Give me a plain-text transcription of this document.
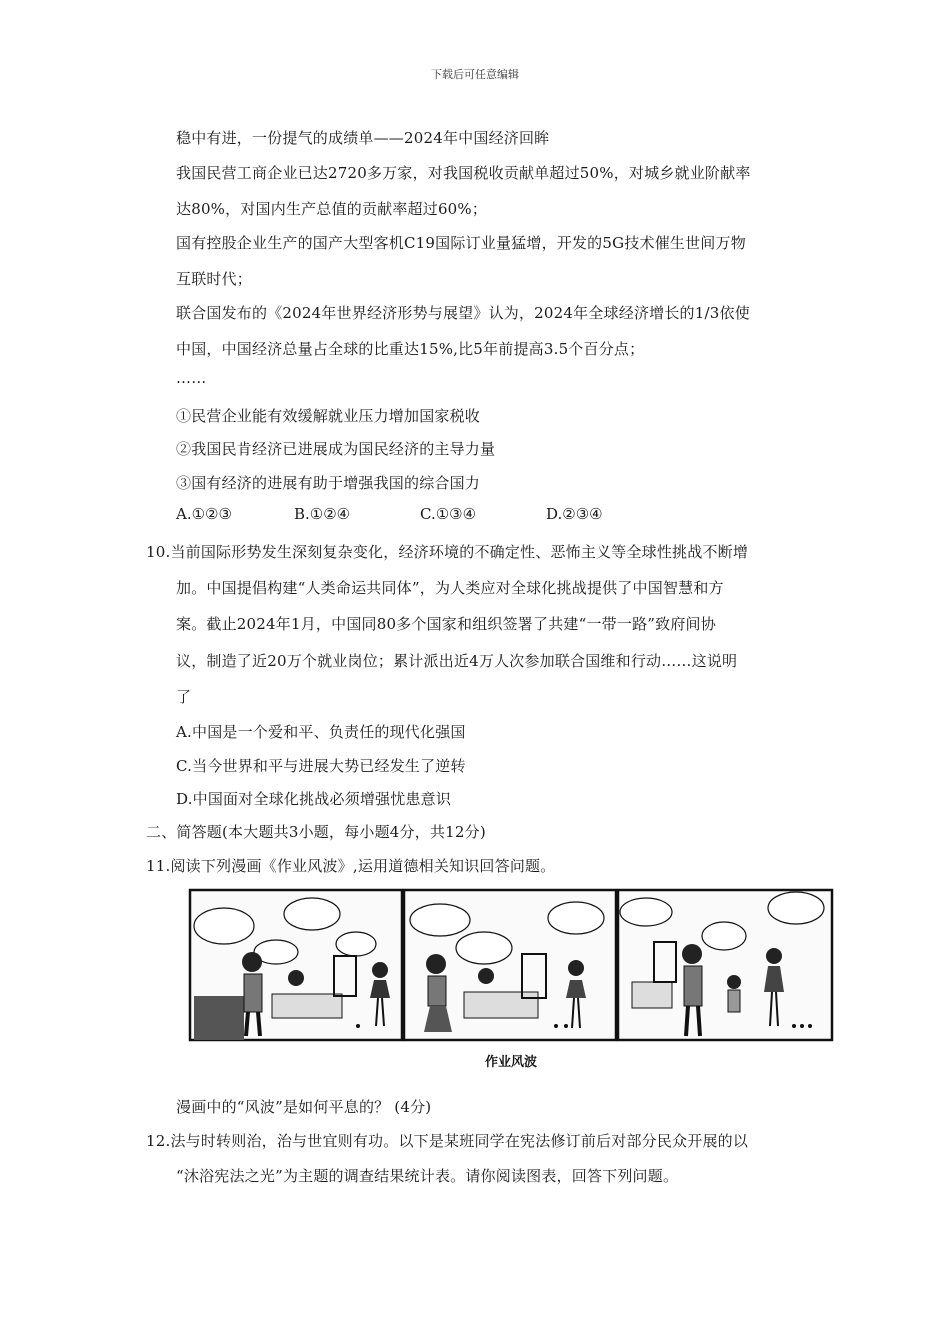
下载后可任意编辑
稳中有进，一份提气的成绩单——2024年中国经济回眸
我国民营工商企业已达2720多万家，对我国税收贡献单超过50%，对城乡就业阶献率
达80%，对国内生产总值的贡献率超过60%；
国有控股企业生产的国产大型客机C19国际订业量猛增，开发的5G技术催生世间万物
互联时代；
联合国发布的《2024年世界经济形势与展望》认为，2024年全球经济增长的1/3依使
中国，中国经济总量占全球的比重达15%,比5年前提高3.5个百分点；
……
①民营企业能有效缓解就业压力增加国家税收
②我国民肯经济已进展成为国民经济的主导力量
③国有经济的进展有助于增强我国的综合国力
A.①②③	B.①②④	C.①③④	D.②③④
10.当前国际形势发生深刻复杂变化，经济环境的不确定性、恶怖主义等全球性挑战不断增
加。中国提倡构建“人类命运共同体”，为人类应对全球化挑战提供了中国智慧和方
案。截止2024年1月，中国同80多个国家和组织签署了共建“一带一路”致府间协
议，制造了近20万个就业岗位；累计派出近4万人次参加联合国维和行动……这说明
了
A.中国是一个爱和平、负责任的现代化强国
C.当今世界和平与进展大势已经发生了逆转
D.中国面对全球化挑战必须增强忧患意识
二、简答题(本大题共3小题，每小题4分，共12分)
11.阅读下列漫画《作业风波》,运用道德相关知识回答问题。
作业风波
漫画中的“风波”是如何平息的？ (4分)
12.法与时转则治，治与世宜则有功。以下是某班同学在宪法修订前后对部分民众开展的以
“沐浴宪法之光”为主题的调查结果统计表。请你阅读图表，回答下列问题。
